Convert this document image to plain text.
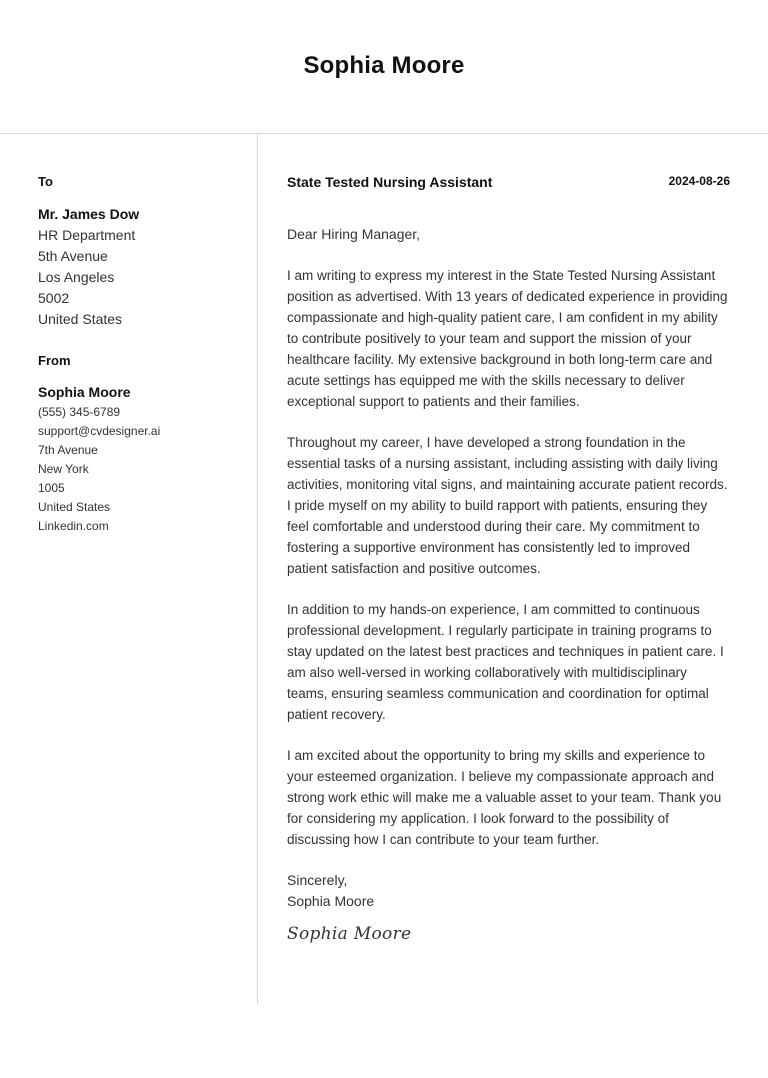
Sophia Moore
To
Mr. James Dow
HR Department
5th Avenue
Los Angeles
5002
United States
From
Sophia Moore
(555) 345-6789
support@cvdesigner.ai
7th Avenue
New York
1005
United States
Linkedin.com
State Tested Nursing Assistant	2024-08-26
Dear Hiring Manager,
I am writing to express my interest in the State Tested Nursing Assistant position as advertised. With 13 years of dedicated experience in providing compassionate and high-quality patient care, I am confident in my ability to contribute positively to your team and support the mission of your healthcare facility. My extensive background in both long-term care and acute settings has equipped me with the skills necessary to deliver exceptional support to patients and their families.
Throughout my career, I have developed a strong foundation in the essential tasks of a nursing assistant, including assisting with daily living activities, monitoring vital signs, and maintaining accurate patient records. I pride myself on my ability to build rapport with patients, ensuring they feel comfortable and understood during their care. My commitment to fostering a supportive environment has consistently led to improved patient satisfaction and positive outcomes.
In addition to my hands-on experience, I am committed to continuous professional development. I regularly participate in training programs to stay updated on the latest best practices and techniques in patient care. I am also well-versed in working collaboratively with multidisciplinary teams, ensuring seamless communication and coordination for optimal patient recovery.
I am excited about the opportunity to bring my skills and experience to your esteemed organization. I believe my compassionate approach and strong work ethic will make me a valuable asset to your team. Thank you for considering my application. I look forward to the possibility of discussing how I can contribute to your team further.
Sincerely,
Sophia Moore
Sophia Moore
